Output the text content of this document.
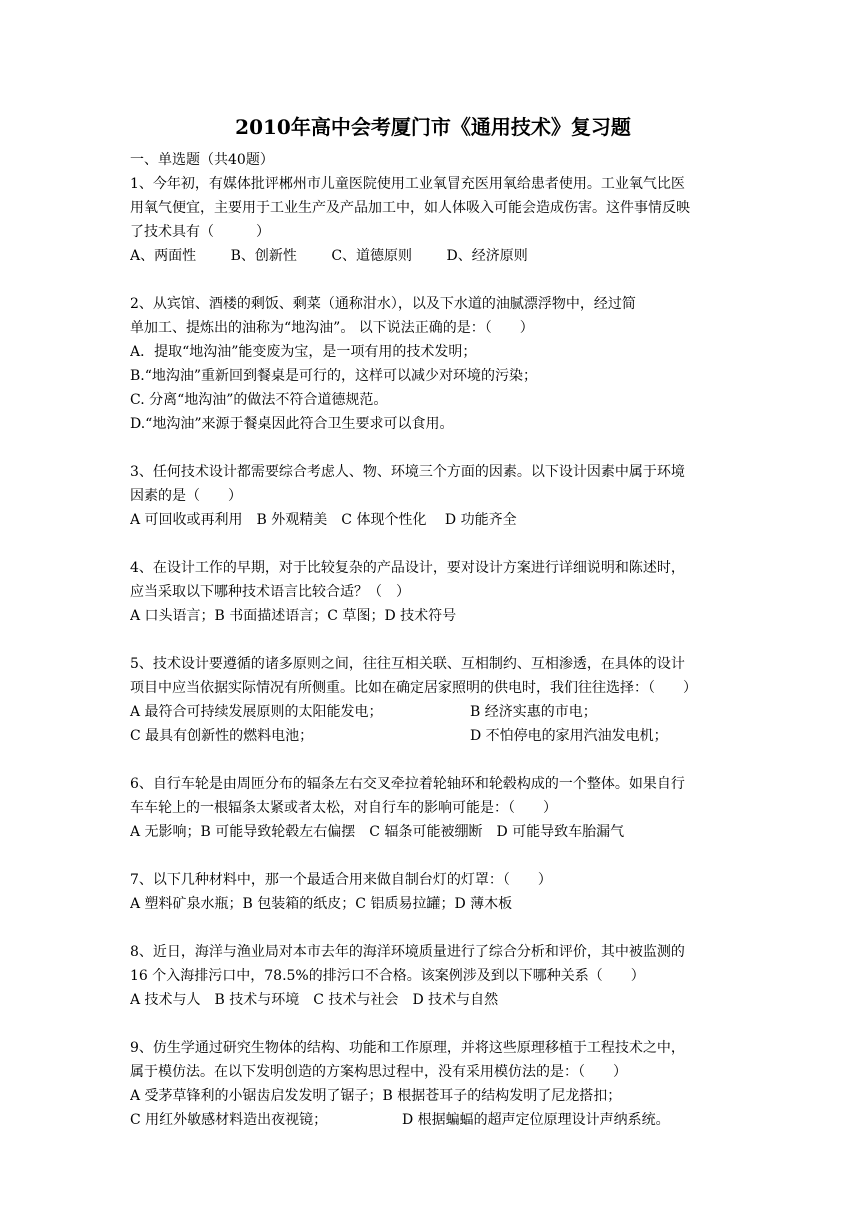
2010年高中会考厦门市《通用技术》复习题
一、单选题（共40题）
1、今年初，有媒体批评郴州市儿童医院使用工业氧冒充医用氧给患者使用。工业氧气比医
用氧气便宜，主要用于工业生产及产品加工中，如人体吸入可能会造成伤害。这件事情反映
了技术具有（　　　）
A、两面性 B、创新性 C、道德原则 D、经济原则
2、从宾馆、酒楼的剩饭、剩菜（通称泔水），以及下水道的油腻漂浮物中，经过简
单加工、提炼出的油称为“地沟油”。 以下说法正确的是：（　　）
A．提取“地沟油”能变废为宝，是一项有用的技术发明；
B.“地沟油”重新回到餐桌是可行的，这样可以减少对环境的污染；
C. 分离“地沟油”的做法不符合道德规范。
D.“地沟油”来源于餐桌因此符合卫生要求可以食用。
3、任何技术设计都需要综合考虑人、物、环境三个方面的因素。以下设计因素中属于环境
因素的是（　　）
A 可回收或再利用　B 外观精美　C 体现个性化　 D 功能齐全
4、在设计工作的早期，对于比较复杂的产品设计，要对设计方案进行详细说明和陈述时，
应当采取以下哪种技术语言比较合适？（　）
A 口头语言；B 书面描述语言；C 草图；D 技术符号
5、技术设计要遵循的诸多原则之间，往往互相关联、互相制约、互相渗透，在具体的设计
项目中应当依据实际情况有所侧重。比如在确定居家照明的供电时，我们往往选择：（　　）
A 最符合可持续发展原则的太阳能发电；	B 经济实惠的市电；
C 最具有创新性的燃料电池；	D 不怕停电的家用汽油发电机；
6、自行车轮是由周匝分布的辐条左右交叉牵拉着轮轴环和轮毂构成的一个整体。如果自行
车车轮上的一根辐条太紧或者太松，对自行车的影响可能是：（　　）
A 无影响；B 可能导致轮毂左右偏摆　C 辐条可能被绷断　D 可能导致车胎漏气
7、以下几种材料中，那一个最适合用来做自制台灯的灯罩：（　　）
A 塑料矿泉水瓶；B 包装箱的纸皮；C 铝质易拉罐；D 薄木板
8、近日，海洋与渔业局对本市去年的海洋环境质量进行了综合分析和评价，其中被监测的
16 个入海排污口中，78.5%的排污口不合格。该案例涉及到以下哪种关系（　　）
A 技术与人　B 技术与环境　C 技术与社会　D 技术与自然
9、仿生学通过研究生物体的结构、功能和工作原理，并将这些原理移植于工程技术之中，
属于模仿法。在以下发明创造的方案构思过程中，没有采用模仿法的是：（　　）
A 受茅草锋利的小锯齿启发发明了锯子；B 根据苍耳子的结构发明了尼龙搭扣；
C 用红外敏感材料造出夜视镜；	D 根据蝙蝠的超声定位原理设计声纳系统。
